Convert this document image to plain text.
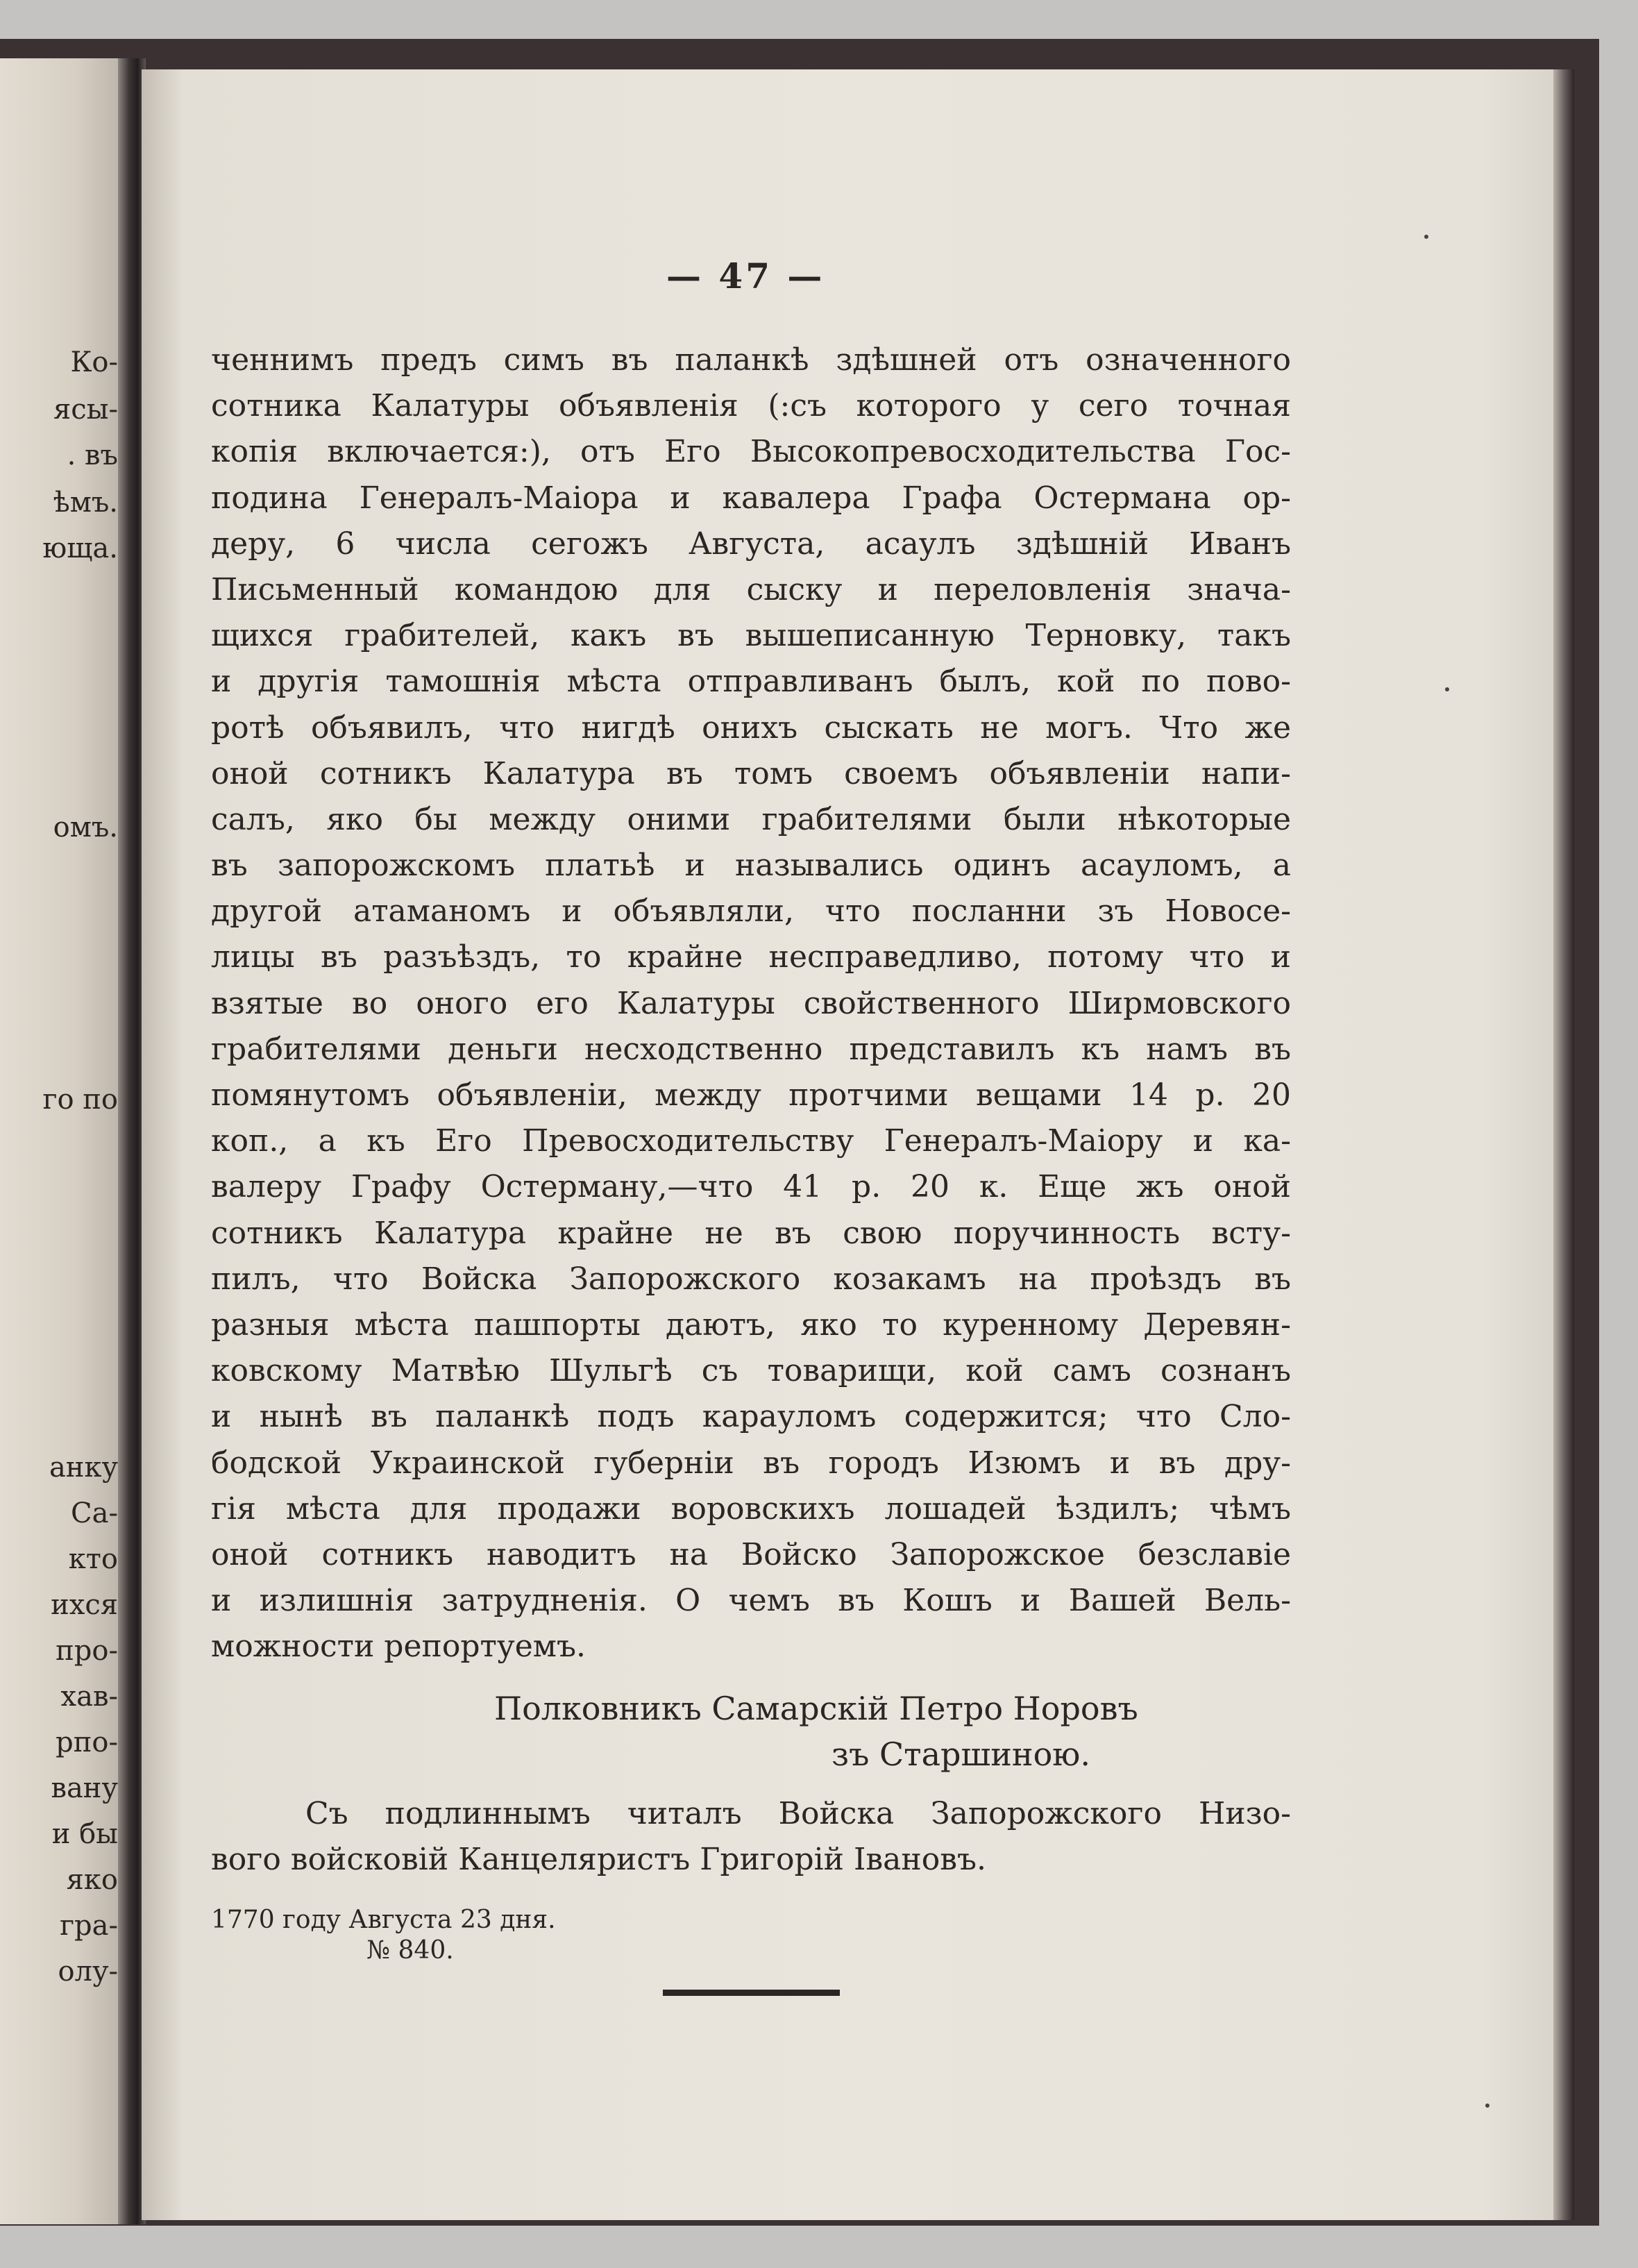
Ко-
ясы-
. въ
ѣмъ.
юща.
омъ.
го по
анку
Са-
кто
ихся
про-
хав-
рпо-
вану
и бы
яко
гра-
олу-
— 47 —
ченнимъ предъ симъ въ паланкѣ здѣшней отъ означенного
сотника Калатуры объявленія (:съ которого у сего точная
копія включается:), отъ Его Высокопревосходительства Гос-
подина Генералъ-Маіора и кавалера Графа Остермана ор-
деру, 6 числа сегожъ Августа, асаулъ здѣшній Иванъ
Письменный командою для сыску и переловленія знача-
щихся грабителей, какъ въ вышеписанную Терновку, такъ
и другія тамошнія мѣста отправливанъ былъ, кой по пово-
ротѣ объявилъ, что нигдѣ онихъ сыскать не могъ. Что же
оной сотникъ Калатура въ томъ своемъ объявленіи напи-
салъ, яко бы между оними грабителями были нѣкоторые
въ запорожскомъ платьѣ и назывались одинъ асауломъ, а
другой атаманомъ и объявляли, что посланни зъ Новосе-
лицы въ разъѣздъ, то крайне несправедливо, потому что и
взятые во оного его Калатуры свойственного Ширмовского
грабителями деньги несходственно представилъ къ намъ въ
помянутомъ объявленіи, между протчими вещами 14 р. 20
коп., а къ Его Превосходительству Генералъ-Маіору и ка-
валеру Графу Остерману,—что 41 р. 20 к. Еще жъ оной
сотникъ Калатура крайне не въ свою поручинность всту-
пилъ, что Войска Запорожского козакамъ на проѣздъ въ
разныя мѣста пашпорты даютъ, яко то куренному Деревян-
ковскому Матвѣю Шульгѣ съ товарищи, кой самъ сознанъ
и нынѣ въ паланкѣ подъ карауломъ содержится; что Сло-
бодской Украинской губерніи въ городъ Изюмъ и въ дру-
гія мѣста для продажи воровскихъ лошадей ѣздилъ; чѣмъ
оной сотникъ наводитъ на Войско Запорожское безславіе
и излишнія затрудненія. О чемъ въ Кошъ и Вашей Вель-
можности репортуемъ.
Полковникъ Самарскій Петро Норовъ
зъ Старшиною.
Съ подлиннымъ читалъ Войска Запорожского Низо-
вого войсковій Канцеляристъ Григорій Івановъ.
1770 году Августа 23 дня.
№ 840.
